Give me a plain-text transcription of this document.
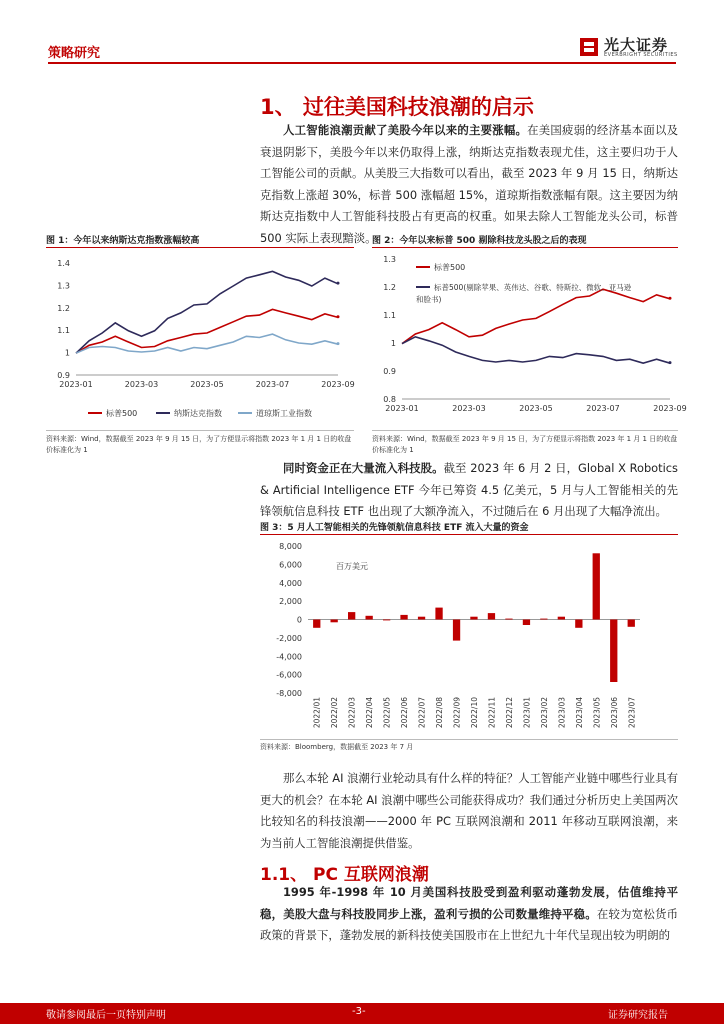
策略研究	光大证券
EVERBRIGHT SECURITIES
1、 过往美国科技浪潮的启示
人工智能浪潮贡献了美股今年以来的主要涨幅。在美国疲弱的经济基本面以及衰退阴影下，美股今年以来仍取得上涨，纳斯达克指数表现尤佳，这主要归功于人工智能公司的贡献。从美股三大指数可以看出，截至 2023 年 9 月 15 日，纳斯达克指数上涨超 30%，标普 500 涨幅超 15%，道琼斯指数涨幅有限。这主要因为纳斯达克指数中人工智能科技股占有更高的权重。如果去除人工智能龙头公司，标普 500 实际上表现黯淡。
图 1：今年以来纳斯达克指数涨幅较高
0.9
1
1.1
1.2
1.3
1.4
2023-01	2023-03	2023-05	2023-07	2023-09
标普500	纳斯达克指数	道琼斯工业指数
资料来源：Wind，数据截至 2023 年 9 月 15 日，为了方便显示将指数 2023 年 1 月 1 日的收盘价标准化为 1
图 2：今年以来标普 500 剔除科技龙头股之后的表现
0.8
0.9
1
1.1
1.2
1.3
2023-01	2023-03	2023-05	2023-07	2023-09
标普500
标普500(剔除苹果、英伟达、谷歌、特斯拉、微软、亚马逊
和脸书)
资料来源：Wind，数据截至 2023 年 9 月 15 日，为了方便显示将指数 2023 年 1 月 1 日的收盘价标准化为 1
同时资金正在大量流入科技股。截至 2023 年 6 月 2 日，Global X Robotics & Artificial Intelligence ETF 今年已筹资 4.5 亿美元，5 月与人工智能相关的先锋领航信息科技 ETF 也出现了大额净流入，不过随后在 6 月出现了大幅净流出。
图 3：5 月人工智能相关的先锋领航信息科技 ETF 流入大量的资金
8,000
6,000
4,000
2,000
0
-2,000
-4,000
-6,000
-8,000
百万美元
2022/01 2022/02 2022/03 2022/04 2022/05 2022/06 2022/07 2022/08 2022/09 2022/10 2022/11 2022/12 2023/01 2023/02 2023/03 2023/04 2023/05 2023/06 2023/07
资料来源：Bloomberg，数据截至 2023 年 7 月
那么本轮 AI 浪潮行业轮动具有什么样的特征？人工智能产业链中哪些行业具有更大的机会？在本轮 AI 浪潮中哪些公司能获得成功？我们通过分析历史上美国两次比较知名的科技浪潮——2000 年 PC 互联网浪潮和 2011 年移动互联网浪潮，来为当前人工智能浪潮提供借鉴。
1.1、 PC 互联网浪潮
1995 年-1998 年 10 月美国科技股受到盈利驱动蓬勃发展，估值维持平稳，美股大盘与科技股同步上涨，盈利亏损的公司数量维持平稳。在较为宽松货币政策的背景下，蓬勃发展的新科技使美国股市在上世纪九十年代呈现出较为明朗的
敬请参阅最后一页特别声明	-3-	证券研究报告
